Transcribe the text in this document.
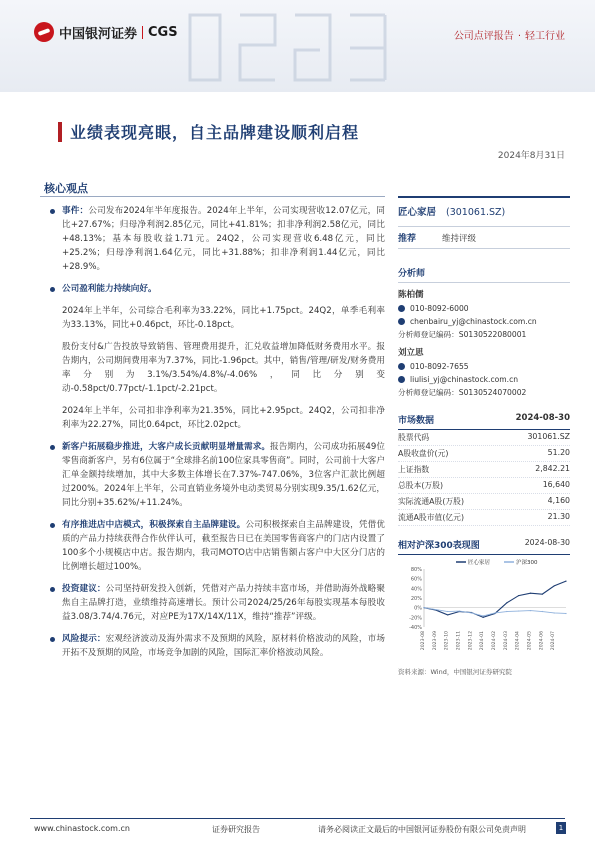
中国银河证券 CGS	公司点评报告 · 轻工行业
业绩表现亮眼，自主品牌建设顺利启程
2024年8月31日
核心观点
事件：公司发布2024年半年度报告。2024年上半年，公司实现营收12.07亿元，同比+27.67%；归母净利润2.85亿元，同比+41.81%；扣非净利润2.58亿元，同比+48.13%；基本每股收益1.71元。24Q2，公司实现营收6.48亿元，同比+25.2%；归母净利润1.64亿元，同比+31.88%；扣非净利润1.44亿元，同比+28.9%。
公司盈利能力持续向好。
2024年上半年，公司综合毛利率为33.22%，同比+1.75pct。24Q2，单季毛利率为33.13%，同比+0.46pct，环比-0.18pct。
股份支付&广告投放导致销售、管理费用提升，汇兑收益增加降低财务费用水平。报告期内，公司期间费用率为7.37%，同比-1.96pct。其中，销售/管理/研发/财务费用率分别为3.1%/3.54%/4.8%/-4.06%，同比分别变动-0.58pct/0.77pct/-1.1pct/-2.21pct。
2024年上半年，公司扣非净利率为21.35%，同比+2.95pct。24Q2，公司扣非净利率为22.27%，同比0.64pct，环比2.02pct。
新客户拓展稳步推进，大客户成长贡献明显增量需求。报告期内，公司成功拓展49位零售商新客户，另有6位属于“全球排名前100位家具零售商”。同时，公司前十大客户汇单金额持续增加，其中大多数主体增长在7.37%-747.06%，3位客户汇款比例超过200%。2024年上半年，公司直销业务境外电动类贸易分别实现9.35/1.62亿元，同比分别+35.62%/+11.24%。
有序推进店中店模式，积极探索自主品牌建设。公司积极探索自主品牌建设，凭借优质的产品力持续获得合作伙伴认可，截至报告日已在美国零售商客户的门店内设置了100多个小规模店中店。报告期内，我司MOTO店中店销售额占客户中大区分门店的比例增长超过100%。
投资建议：公司坚持研发投入创新，凭借对产品力持续丰富市场，并借助海外战略聚焦自主品牌打造，业绩维持高速增长。预计公司2024/25/26年每股实现基本每股收益3.08/3.74/4.76元，对应PE为17X/14X/11X，维持“推荐”评级。
风险提示：宏观经济波动及海外需求不及预期的风险，原材料价格波动的风险，市场开拓不及预期的风险，市场竞争加剧的风险，国际汇率价格波动风险。
匠心家居 (301061.SZ)
推荐	维持评级
分析师
陈柏儒
010-8092-6000
chenbairu_yj@chinastock.com.cn
分析师登记编码：S0130522080001
刘立思
010-8092-7655
liulisi_yj@chinastock.com.cn
分析师登记编码：S0130524070002
市场数据	2024-08-30
股票代码	301061.SZ
A股收盘价(元)	51.20
上证指数	2,842.21
总股本(万股)	16,640
实际流通A股(万股)	4,160
流通A股市值(亿元)	21.30
相对沪深300表现图	2024-08-30
-40%
-20%
0%
20%
40%
60%
80%
2023-08 2023-09 2023-10 2023-11 2023-12 2024-01 2024-02 2024-03 2024-04 2024-05 2024-06 2024-07
匠心家居	沪深300
资料来源：Wind，中国银河证券研究院
www.chinastock.com.cn	证券研究报告	请务必阅读正文最后的中国银河证券股份有限公司免责声明	1
